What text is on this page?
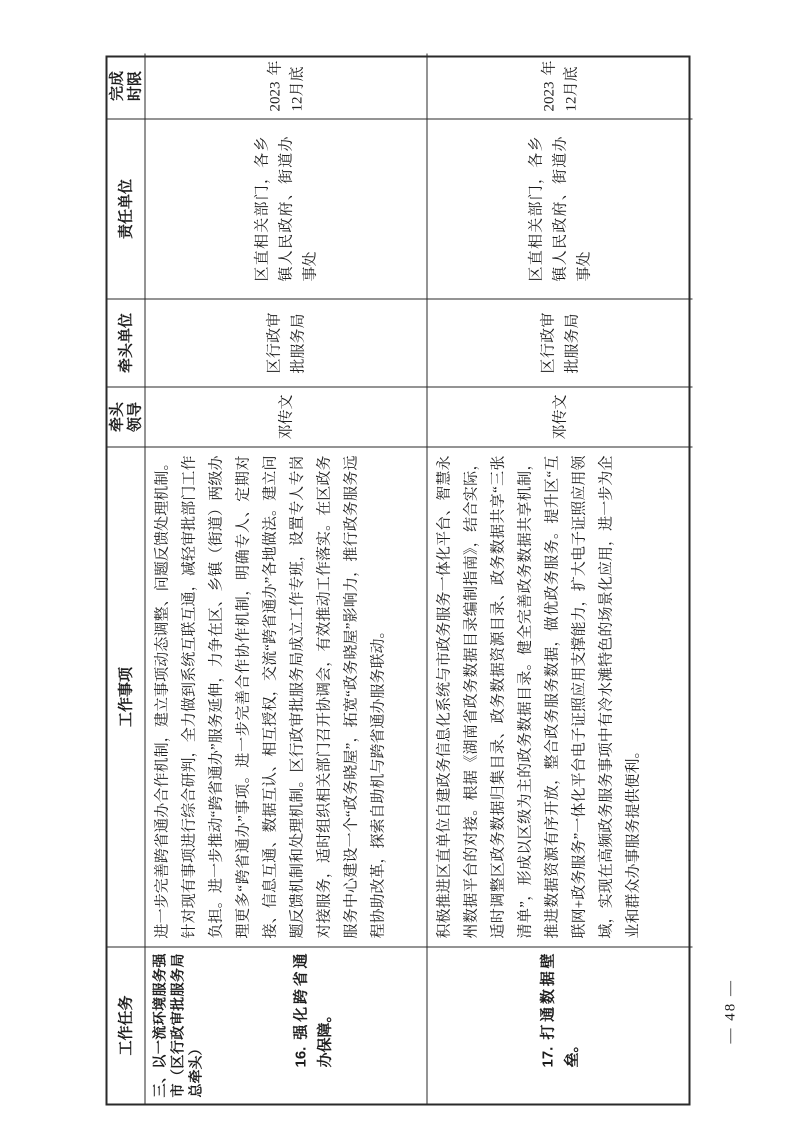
工作任务
工作事项
牵头领导
牵头单位
责任单位
完成时限
三、以一流环境服务强市（区行政审批服务局总牵头）
16. 强化跨省通办保障。
进一步完善跨省通办合作机制，建立事项动态调整、问题反馈处理机制。针对现有事项进行综合研判，全力做到系统互联互通，减轻审批部门工作负担。进一步推动“跨省通办”服务延伸，力争在区、乡镇（街道）两级办理更多“跨省通办”事项。进一步完善合作协作机制，明确专人、定期对接、信息互通、数据互认、相互授权，交流“跨省通办”各地做法。建立问题反馈机制和处理机制。区行政审批服务局成立工作专班，设置专人专岗对接服务，适时组织相关部门召开协调会，有效推动工作落实。在区政务服务中心建设一个“政务晓屋”，拓宽“政务晓屋”影响力，推行政务服务远程协助改革，探索自助机与跨省通办服务联动。
邓传文
区行政审批服务局
区直相关部门，各乡镇人民政府、街道办事处
2023年12月底
17. 打通数据壁垒。
积极推进区直单位自建政务信息化系统与市政务服务一体化平台、智慧永州数据平台的对接。根据《湖南省政务数据目录编制指南》，结合实际，适时调整区政务数据归集目录、政务数据资源目录、政务数据共享“三张清单”，形成以区级为主的政务数据目录。健全完善政务数据共享机制，推进数据资源有序开放，整合政务服务数据，做优政务服务。提升区“互联网+政务服务”一体化平台电子证照应用支撑能力，扩大电子证照应用领域，实现在高频政务服务事项中有冷水滩特色的场景化应用，进一步为企业和群众办事服务提供便利。
邓传文
区行政审批服务局
区直相关部门，各乡镇人民政府、街道办事处
2023年12月底
— 48 —
